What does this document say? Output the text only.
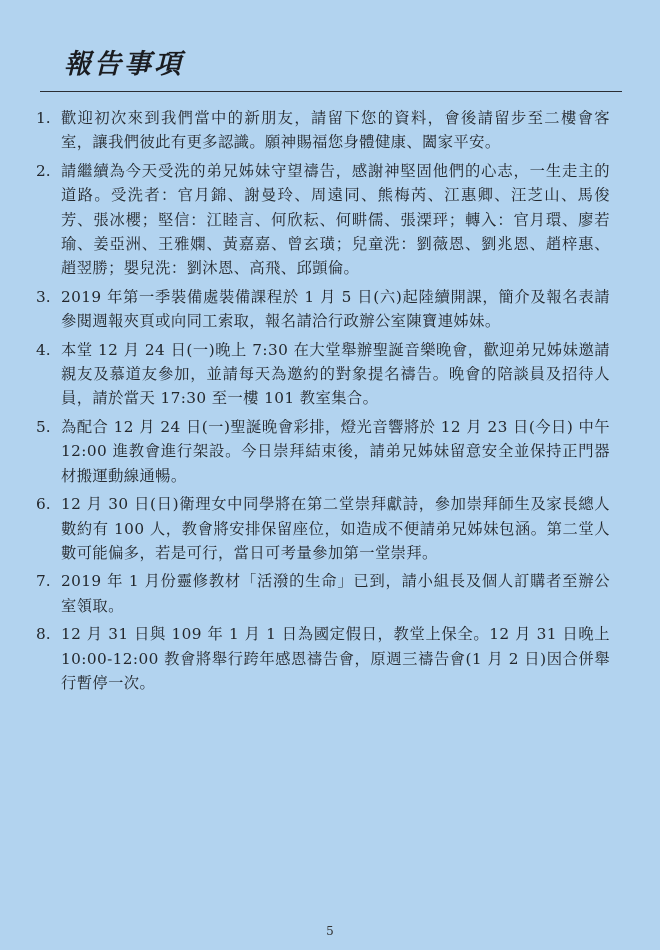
報告事項
1. 歡迎初次來到我們當中的新朋友，請留下您的資料，會後請留步至二樓會客室，讓我們彼此有更多認識。願神賜福您身體健康、闔家平安。
2. 請繼續為今天受洗的弟兄姊妹守望禱告，感謝神堅固他們的心志，一生走主的道路。受洗者：官月錦、謝曼玲、周遠同、熊梅芮、江惠卿、汪芝山、馬俊芳、張冰櫻；堅信：江睦言、何欣耘、何畊儒、張溧玶；轉入：官月環、廖若瑜、姜亞洲、王雅嫻、黃嘉嘉、曾玄璜；兒童洗：劉薇恩、劉兆恩、趙梓惠、趙翌勝；嬰兒洗：劉沐恩、高飛、邱顗倫。
3. 2019 年第一季裝備處裝備課程於 1 月 5 日(六)起陸續開課，簡介及報名表請參閱週報夾頁或向同工索取，報名請洽行政辦公室陳寶連姊妹。
4. 本堂 12 月 24 日(一)晚上 7:30 在大堂舉辦聖誕音樂晚會，歡迎弟兄姊妹邀請親友及慕道友參加，並請每天為邀約的對象提名禱告。晚會的陪談員及招待人員，請於當天 17:30 至一樓 101 教室集合。
5. 為配合 12 月 24 日(一)聖誕晚會彩排，燈光音響將於 12 月 23 日(今日) 中午 12:00 進教會進行架設。今日崇拜結束後，請弟兄姊妹留意安全並保持正門器材搬運動線通暢。
6. 12 月 30 日(日)衛理女中同學將在第二堂崇拜獻詩，參加崇拜師生及家長總人數約有 100 人，教會將安排保留座位，如造成不便請弟兄姊妹包涵。第二堂人數可能偏多，若是可行，當日可考量參加第一堂崇拜。
7. 2019 年 1 月份靈修教材「活潑的生命」已到，請小組長及個人訂購者至辦公室領取。
8. 12 月 31 日與 109 年 1 月 1 日為國定假日，教堂上保全。12 月 31 日晚上 10:00-12:00 教會將舉行跨年感恩禱告會，原週三禱告會(1 月 2 日)因合併舉行暫停一次。
5
